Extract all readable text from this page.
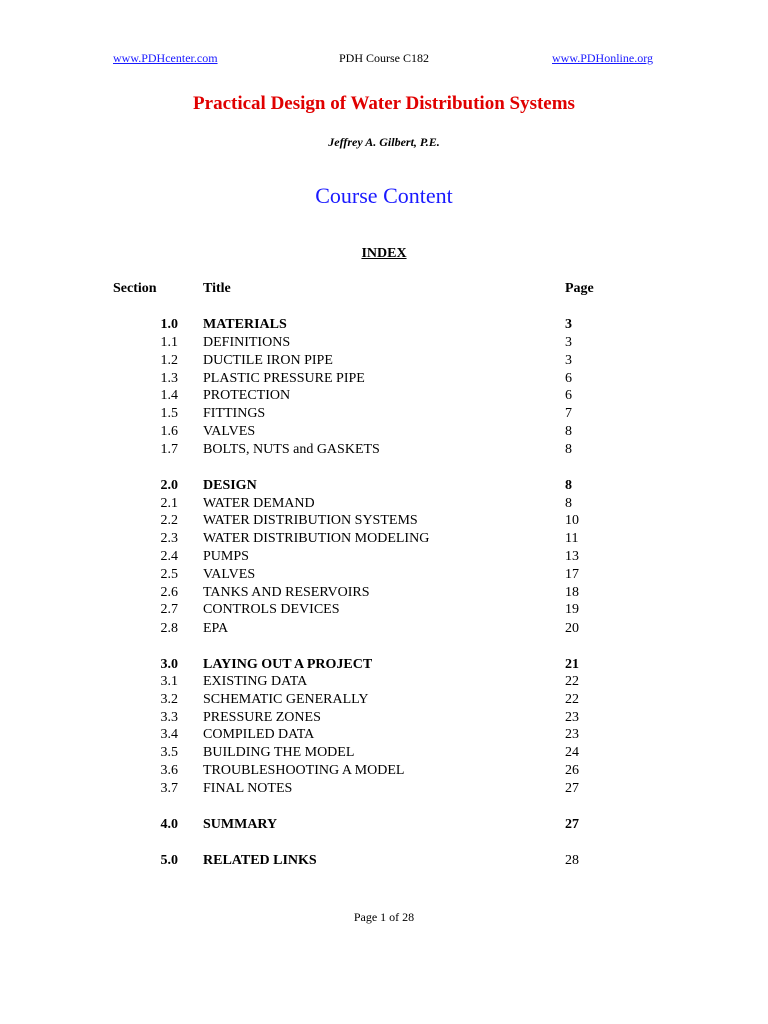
PDH Course C182
www.PDHcenter.com	www.PDHonline.org
Practical Design of Water Distribution Systems
Jeffrey A. Gilbert, P.E.
Course Content
INDEX
Section	Title	Page
1.0 MATERIALS	3
1.1 DEFINITIONS	3
1.2 DUCTILE IRON PIPE	3
1.3 PLASTIC PRESSURE PIPE	6
1.4 PROTECTION	6
1.5 FITTINGS	7
1.6 VALVES	8
1.7 BOLTS, NUTS and GASKETS	8
2.0 DESIGN	8
2.1 WATER DEMAND	8
2.2 WATER DISTRIBUTION SYSTEMS	10
2.3 WATER DISTRIBUTION MODELING	11
2.4 PUMPS	13
2.5 VALVES	17
2.6 TANKS AND RESERVOIRS	18
2.7 CONTROLS DEVICES	19
2.8 EPA	20
3.0 LAYING OUT A PROJECT	21
3.1 EXISTING DATA	22
3.2 SCHEMATIC GENERALLY	22
3.3 PRESSURE ZONES	23
3.4 COMPILED DATA	23
3.5 BUILDING THE MODEL	24
3.6 TROUBLESHOOTING A MODEL	26
3.7 FINAL NOTES	27
4.0 SUMMARY	27
5.0 RELATED LINKS	28
Page 1 of 28
